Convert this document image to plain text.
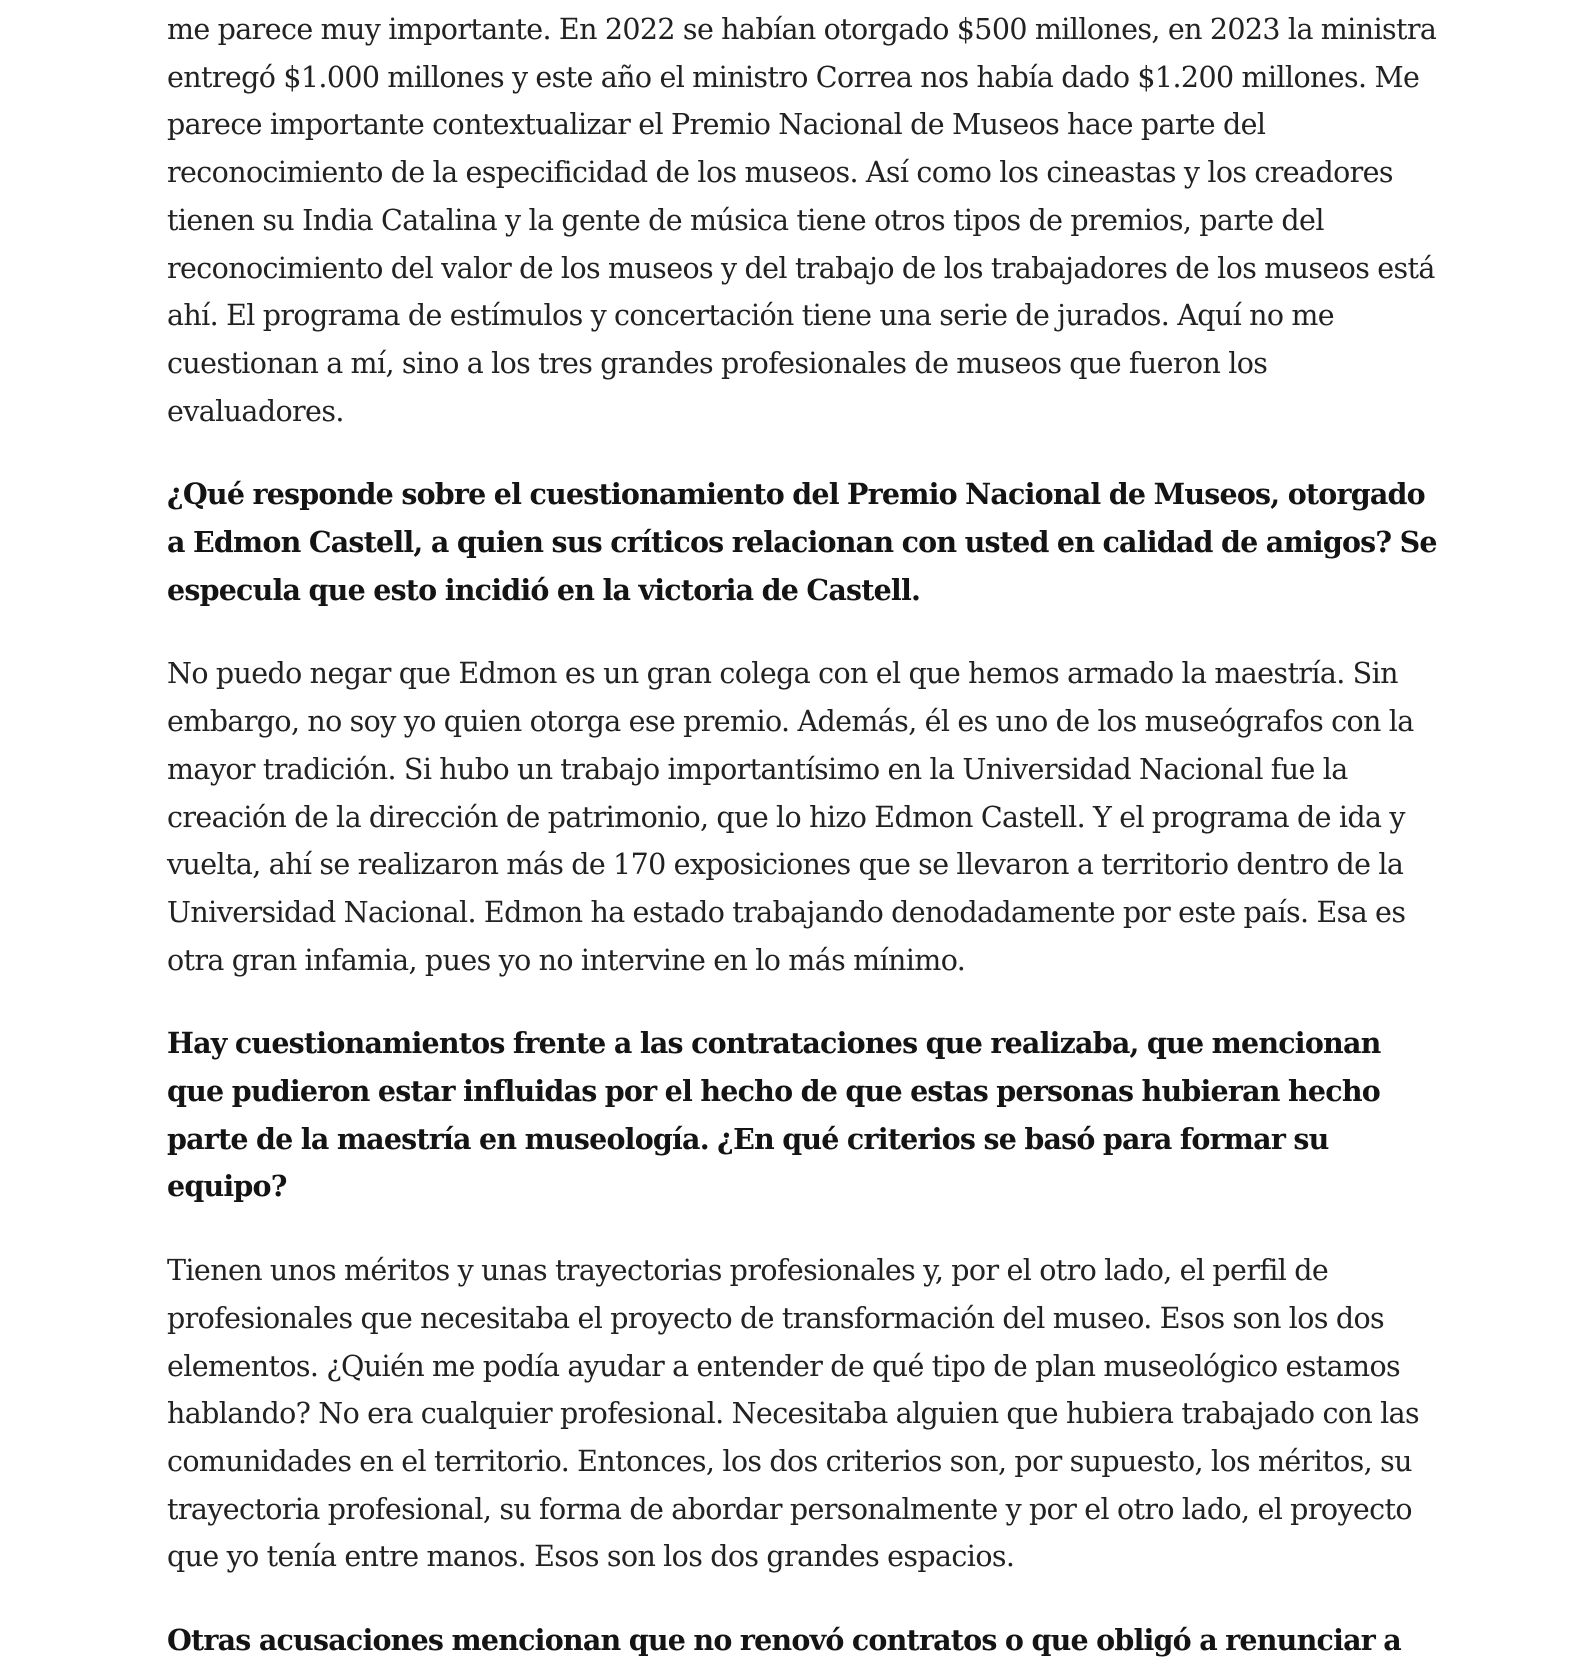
me parece muy importante. En 2022 se habían otorgado $500 millones, en 2023 la ministra entregó $1.000 millones y este año el ministro Correa nos había dado $1.200 millones. Me parece importante contextualizar el Premio Nacional de Museos hace parte del reconocimiento de la especificidad de los museos. Así como los cineastas y los creadores tienen su India Catalina y la gente de música tiene otros tipos de premios, parte del reconocimiento del valor de los museos y del trabajo de los trabajadores de los museos está ahí. El programa de estímulos y concertación tiene una serie de jurados. Aquí no me cuestionan a mí, sino a los tres grandes profesionales de museos que fueron los evaluadores.

¿Qué responde sobre el cuestionamiento del Premio Nacional de Museos, otorgado a Edmon Castell, a quien sus críticos relacionan con usted en calidad de amigos? Se especula que esto incidió en la victoria de Castell.

No puedo negar que Edmon es un gran colega con el que hemos armado la maestría. Sin embargo, no soy yo quien otorga ese premio. Además, él es uno de los museógrafos con la mayor tradición. Si hubo un trabajo importantísimo en la Universidad Nacional fue la creación de la dirección de patrimonio, que lo hizo Edmon Castell. Y el programa de ida y vuelta, ahí se realizaron más de 170 exposiciones que se llevaron a territorio dentro de la Universidad Nacional. Edmon ha estado trabajando denodadamente por este país. Esa es otra gran infamia, pues yo no intervine en lo más mínimo.

Hay cuestionamientos frente a las contrataciones que realizaba, que mencionan que pudieron estar influidas por el hecho de que estas personas hubieran hecho parte de la maestría en museología. ¿En qué criterios se basó para formar su equipo?

Tienen unos méritos y unas trayectorias profesionales y, por el otro lado, el perfil de profesionales que necesitaba el proyecto de transformación del museo. Esos son los dos elementos. ¿Quién me podía ayudar a entender de qué tipo de plan museológico estamos hablando? No era cualquier profesional. Necesitaba alguien que hubiera trabajado con las comunidades en el territorio. Entonces, los dos criterios son, por supuesto, los méritos, su trayectoria profesional, su forma de abordar personalmente y por el otro lado, el proyecto que yo tenía entre manos. Esos son los dos grandes espacios.

Otras acusaciones mencionan que no renovó contratos o que obligó a renunciar a
